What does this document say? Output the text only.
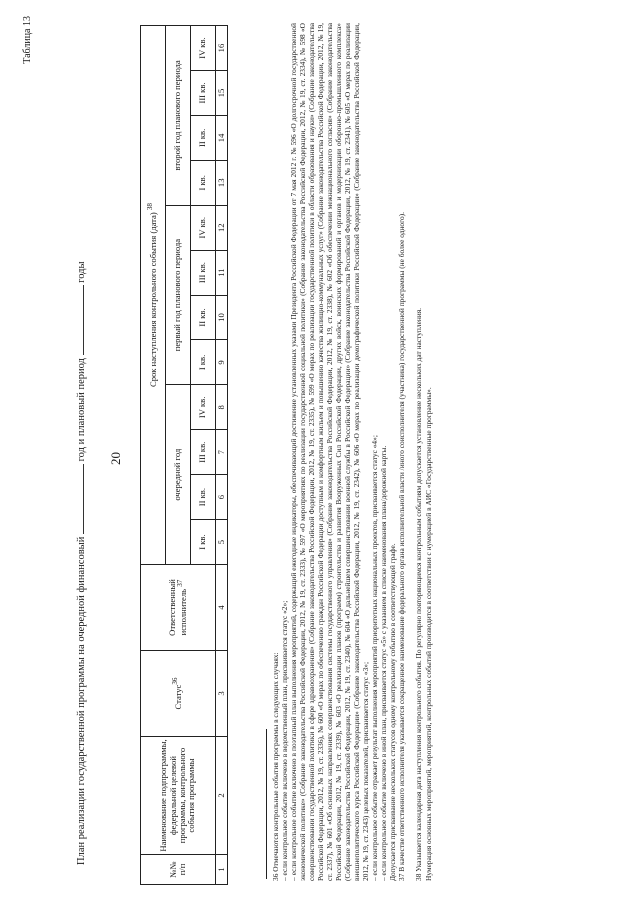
Таблица 13
План реализации государственной программы на очередной финансовый  год и плановый период  годы
20
№№ п/п	Наименование подпрограммы, федеральной целевой программы, контрольного события программы	Статус$^{36}$	Ответственный исполнитель $^{37}$	Срок наступления контрольного события (дата) $^{38}$
				очередной год				первый год планового периода				второй год планового периода			
				I кв.	II кв.	III кв.	IV кв.	I кв.	II кв.	III кв.	IV кв.	I кв.	II кв.	III кв.	IV кв.
1	2	3	4	5	6	7	8	9	10	11	12	13	14	15	16

36 Отмечаются контрольные события программы в следующих случаях: – если контрольное событие включено в ведомственный план, присваивается статус «2»; – если контрольное событие включено в поэтапный план выполнения мероприятий, содержащий ежегодные индикаторы, обеспечивающий достижение установленных указами Президента Российской Федерации от 7 мая 2012 г. № 596 «О долгосрочной государственной экономической политике» (Собрание законодательства Российской Федерации, 2012, № 19, ст. 2333), № 597 «О мероприятиях по реализации государственной социальной политики» (Собрание законодательства Российской Федерации, 2012, № 19, ст. 2334), № 598 «О совершенствовании государственной политики в сфере здравоохранения» (Собрание законодательства Российской Федерации, 2012, № 19, ст. 2335), № 599 «О мерах по реализации государственной политики в области образования и науки» (Собрание законодательства Российской Федерации, 2012, № 19, ст. 2336), № 600 «О мерах по обеспечению граждан Российской Федерации доступным и комфортным жильем и повышению качества жилищно-коммунальных услуг» (Собрание законодательства Российской Федерации, 2012, № 19, ст. 2337), № 601 «Об основных направлениях совершенствования системы государственного управления» (Собрание законодательства Российской Федерации, 2012, № 19, ст. 2338), № 602 «Об обеспечении межнационального согласия» (Собрание законодательства Российской Федерации, 2012, № 19, ст. 2339), № 603 «О реализации планов (программ) строительства и развития Вооруженных Сил Российской Федерации, других войск, воинских формирований и органов и модернизации оборонно-промышленного комплекса» (Собрание законодательства Российской Федерации, 2012, № 19, ст. 2340), № 604 «О дальнейшем совершенствовании военной службы в Российской Федерации» (Собрание законодательства Российской Федерации, 2012, № 19, ст. 2341), № 605 «О мерах по реализации внешнеполитического курса Российской Федерации» (Собрание законодательства Российской Федерации, 2012, № 19, ст. 2342), № 606 «О мерах по реализации демографической политики Российской Федерации» (Собрание законодательства Российской Федерации, 2012, № 19, ст. 2343) целевых показателей, присваивается статус «3»; – если контрольное событие отражает результат выполнения мероприятий приоритетных национальных проектов, присваивается статус «4»; – если контрольное событие включено в иной план, присваивается статус «5» с указанием в списке наименования плана/дорожной карты. Допускается присваивание нескольких статусов одному контрольному событию в соответствующей графе. 37 В качестве ответственного исполнителя указывается сокращенное наименование федерального органа исполнительной власти /иного соисполнителя (участника) государственной программы (не более одного). 38 Указывается календарная дата наступления контрольного события. По регулярно повторяющимся контрольным событиям допускается установление нескольких дат наступления. Нумерация основных мероприятий, мероприятий, контрольных событий производится в соответствии с нумерацией в АИС «Государственные программы».
